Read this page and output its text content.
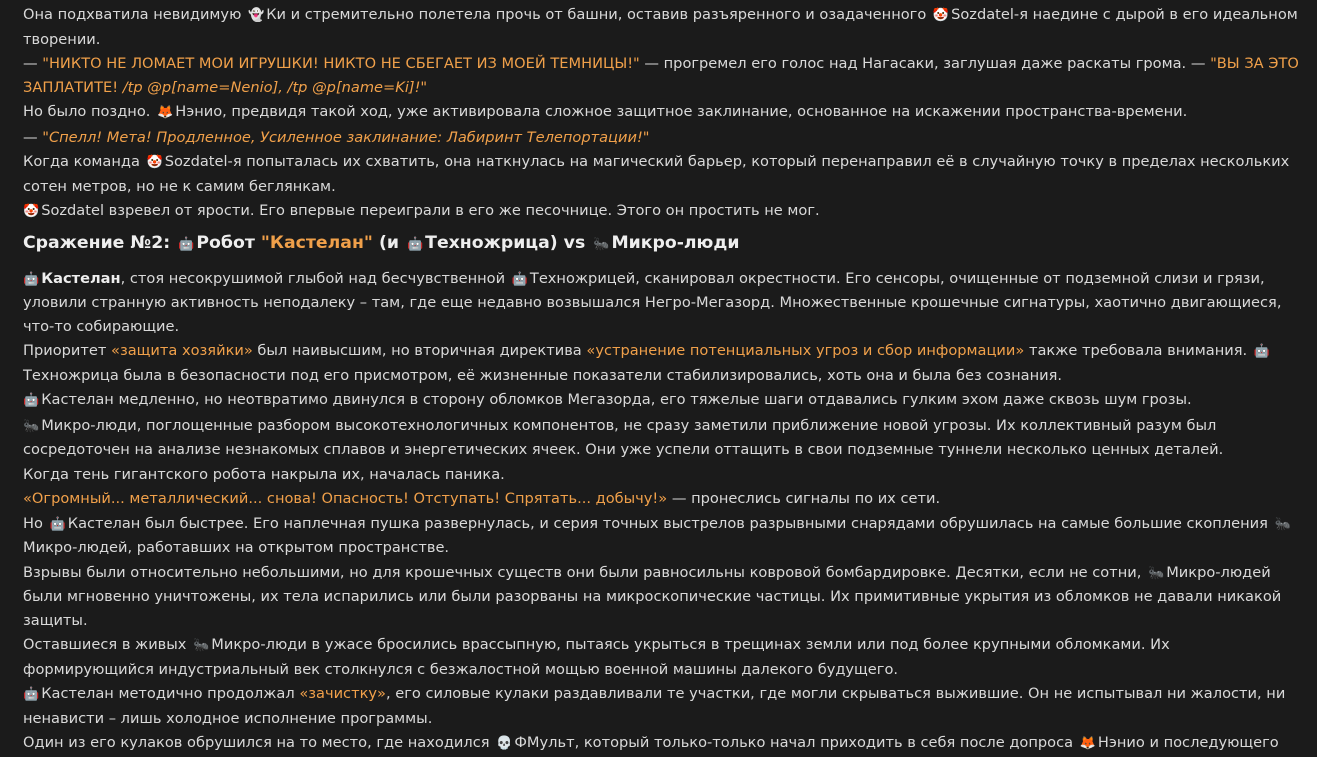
Она подхватила невидимую 👻 Ки и стремительно полетела прочь от башни, оставив разъяренного и озадаченного 🤡 Sozdatel-я наедине с дырой в его идеальном творении.

— "НИКТО НЕ ЛОМАЕТ МОИ ИГРУШКИ! НИКТО НЕ СБЕГАЕТ ИЗ МОЕЙ ТЕМНИЦЫ!" — прогремел его голос над Нагасаки, заглушая даже раскаты грома. — "ВЫ ЗА ЭТО ЗАПЛАТИТЕ! /tp @p[name=Nenio], /tp @p[name=Ki]!"

Но было поздно. 🦊 Нэнио, предвидя такой ход, уже активировала сложное защитное заклинание, основанное на искажении пространства-времени.

— "Спелл! Мета! Продленное, Усиленное заклинание: Лабиринт Телепортации!"

Когда команда 🤡 Sozdatel-я попыталась их схватить, она наткнулась на магический барьер, который перенаправил её в случайную точку в пределах нескольких сотен метров, но не к самим беглянкам.

🤡 Sozdatel взревел от ярости. Его впервые переиграли в его же песочнице. Этого он простить не мог.

Сражение №2: 🤖 Робот "Кастелан" (и 🤖 Техножрица) vs 🐜 Микро-люди

🤖 Кастелан, стоя несокрушимой глыбой над бесчувственной 🤖 Техножрицей, сканировал окрестности. Его сенсоры, очищенные от подземной слизи и грязи, уловили странную активность неподалеку – там, где еще недавно возвышался Негро-Мегазорд. Множественные крошечные сигнатуры, хаотично двигающиеся, что-то собирающие.

Приоритет «защита хозяйки» был наивысшим, но вторичная директива «устранение потенциальных угроз и сбор информации» также требовала внимания. 🤖Техножрица была в безопасности под его присмотром, её жизненные показатели стабилизировались, хоть она и была без сознания.

🤖 Кастелан медленно, но неотвратимо двинулся в сторону обломков Мегазорда, его тяжелые шаги отдавались гулким эхом даже сквозь шум грозы.

🐜 Микро-люди, поглощенные разбором высокотехнологичных компонентов, не сразу заметили приближение новой угрозы. Их коллективный разум был сосредоточен на анализе незнакомых сплавов и энергетических ячеек. Они уже успели оттащить в свои подземные туннели несколько ценных деталей.

Когда тень гигантского робота накрыла их, началась паника.

«Огромный... металлический... снова! Опасность! Отступать! Спрятать... добычу!» — пронеслись сигналы по их сети.

Но 🤖 Кастелан был быстрее. Его наплечная пушка развернулась, и серия точных выстрелов разрывными снарядами обрушилась на самые большие скопления 🐜Микро-людей, работавших на открытом пространстве.

Взрывы были относительно небольшими, но для крошечных существ они были равносильны ковровой бомбардировке. Десятки, если не сотни, 🐜 Микро-людей были мгновенно уничтожены, их тела испарились или были разорваны на микроскопические частицы. Их примитивные укрытия из обломков не давали никакой защиты.

Оставшиеся в живых 🐜 Микро-люди в ужасе бросились врассыпную, пытаясь укрыться в трещинах земли или под более крупными обломками. Их формирующийся индустриальный век столкнулся с безжалостной мощью военной машины далекого будущего.

🤖 Кастелан методично продолжал «зачистку», его силовые кулаки раздавливали те участки, где могли скрываться выжившие. Он не испытывал ни жалости, ни ненависти – лишь холодное исполнение программы.

Один из его кулаков обрушился на то место, где находился 💀 ФМульт, который только-только начал приходить в себя после допроса 🦊 Нэнио и последующего
